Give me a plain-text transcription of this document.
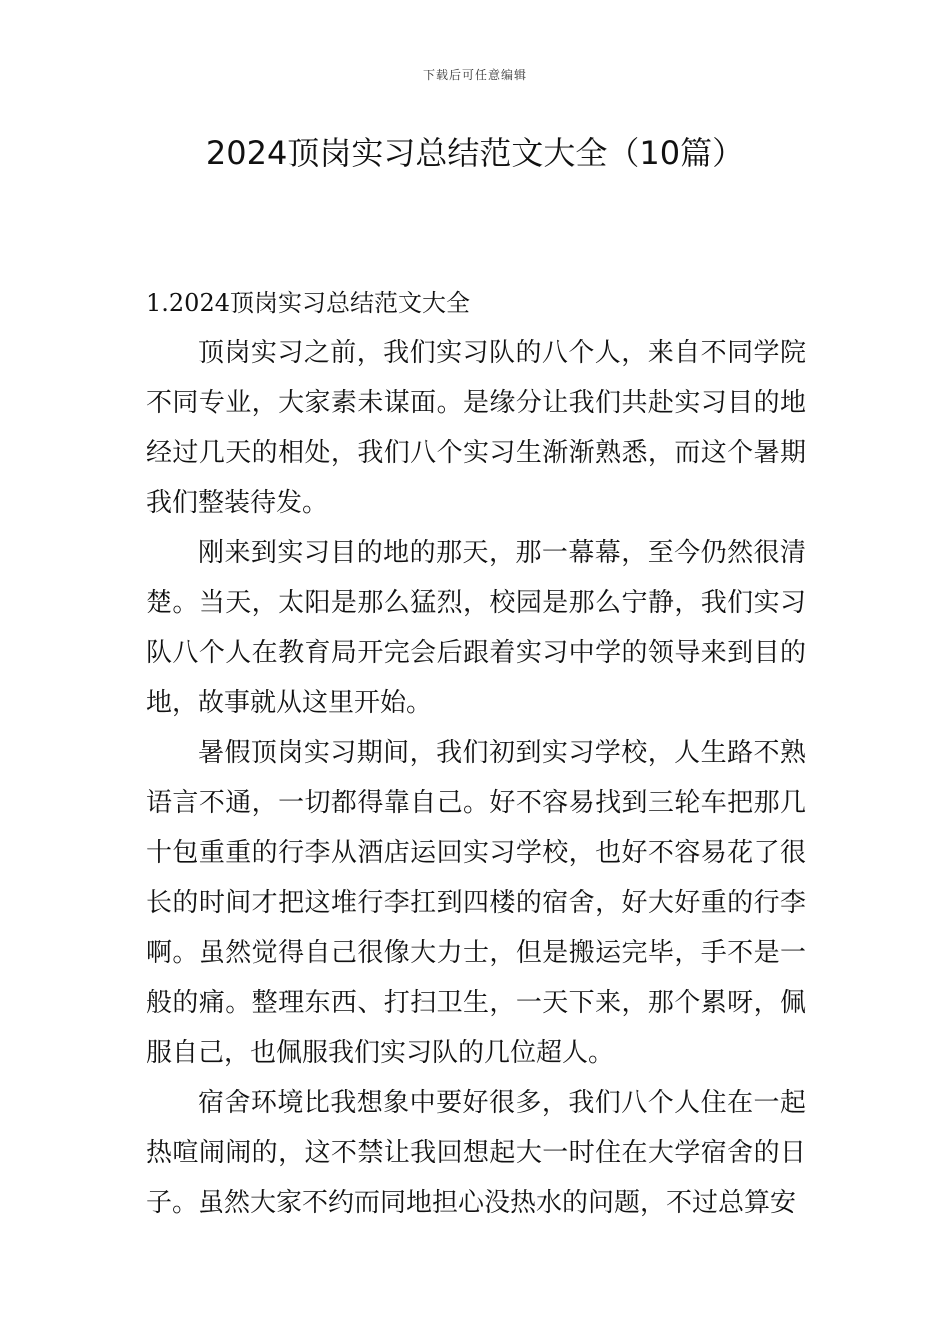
下载后可任意编辑
2024顶岗实习总结范文大全（10篇）

1.2024顶岗实习总结范文大全

顶岗实习之前，我们实习队的八个人，来自不同学院不同专业，大家素未谋面。是缘分让我们共赴实习目的地经过几天的相处，我们八个实习生渐渐熟悉，而这个暑期我们整装待发。

刚来到实习目的地的那天，那一幕幕，至今仍然很清楚。当天，太阳是那么猛烈，校园是那么宁静，我们实习队八个人在教育局开完会后跟着实习中学的领导来到目的地，故事就从这里开始。

暑假顶岗实习期间，我们初到实习学校，人生路不熟语言不通，一切都得靠自己。好不容易找到三轮车把那几十包重重的行李从酒店运回实习学校，也好不容易花了很长的时间才把这堆行李扛到四楼的宿舍，好大好重的行李啊。虽然觉得自己很像大力士，但是搬运完毕，手不是一般的痛。整理东西、打扫卫生，一天下来，那个累呀，佩服自己，也佩服我们实习队的几位超人。

宿舍环境比我想象中要好很多，我们八个人住在一起热喧闹闹的，这不禁让我回想起大一时住在大学宿舍的日子。虽然大家不约而同地担心没热水的问题，不过总算安
